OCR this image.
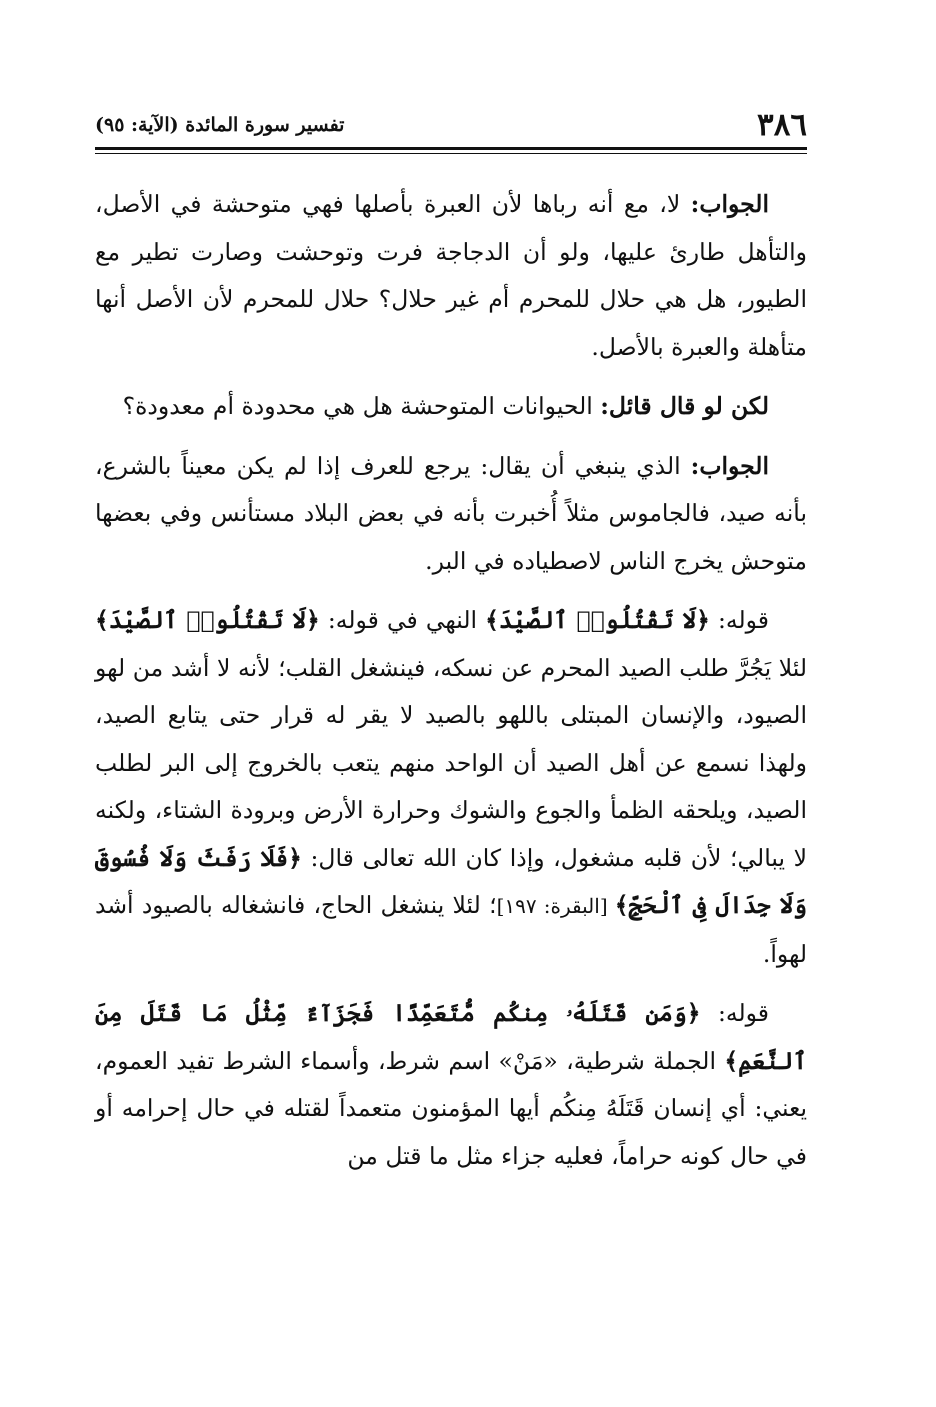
٣٨٦
تفسير سورة المائدة (الآية: ٩٥)

الجواب: لا، مع أنه رباها لأن العبرة بأصلها فهي متوحشة في الأصل، والتأهل طارئ عليها، ولو أن الدجاجة فرت وتوحشت وصارت تطير مع الطيور، هل هي حلال للمحرم أم غير حلال؟ حلال للمحرم لأن الأصل أنها متأهلة والعبرة بالأصل.

لكن لو قال قائل: الحيوانات المتوحشة هل هي محدودة أم معدودة؟

الجواب: الذي ينبغي أن يقال: يرجع للعرف إذا لم يكن معيناً بالشرع، بأنه صيد، فالجاموس مثلاً أُخبرت بأنه في بعض البلاد مستأنس وفي بعضها متوحش يخرج الناس لاصطياده في البر.

قوله: ﴿لَا تَقْتُلُوا۟ ٱلصَّيْدَ﴾ النهي في قوله: ﴿لَا تَقْتُلُوا۟ ٱلصَّيْدَ﴾ لئلا يَجُرَّ طلب الصيد المحرم عن نسكه، فينشغل القلب؛ لأنه لا أشد من لهو الصيود، والإنسان المبتلى باللهو بالصيد لا يقر له قرار حتى يتابع الصيد، ولهذا نسمع عن أهل الصيد أن الواحد منهم يتعب بالخروج إلى البر لطلب الصيد، ويلحقه الظمأ والجوع والشوك وحرارة الأرض وبرودة الشتاء، ولكنه لا يبالي؛ لأن قلبه مشغول، وإذا كان الله تعالى قال: ﴿فَلَا رَفَثَ وَلَا فُسُوقَ وَلَا جِدَالَ فِى ٱلْحَجِّ﴾ [البقرة: ١٩٧]؛ لئلا ينشغل الحاج، فانشغاله بالصيود أشد لهواً.

قوله: ﴿وَمَن قَتَلَهُۥ مِنكُم مُّتَعَمِّدًا فَجَزَآءٌ مِّثْلُ مَا قَتَلَ مِنَ ٱلنَّعَمِ﴾ الجملة شرطية، «مَنْ» اسم شرط، وأسماء الشرط تفيد العموم، يعني: أي إنسان قَتَلَهُ مِنكُم أيها المؤمنون متعمداً لقتله في حال إحرامه أو في حال كونه حراماً، فعليه جزاء مثل ما قتل من
